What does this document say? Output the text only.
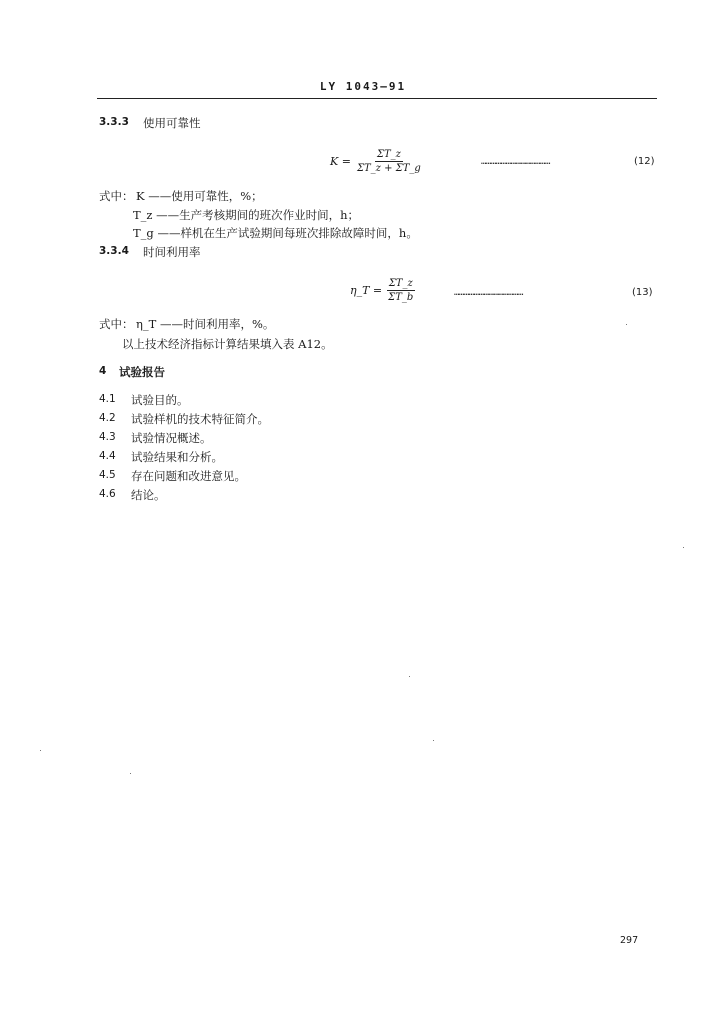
LY 1043—91
3.3.3 使用可靠性
$K = \frac{\Sigma T\_z}{\Sigma T\_z + \Sigma T\_g}$	……………………………………	(12)
式中： K ——使用可靠性，%；
T_z ——生产考核期间的班次作业时间，h；
T_g ——样机在生产试验期间每班次排除故障时间，h。
3.3.4 时间利用率
η_T = $\frac{\Sigma T\_z}{\Sigma T\_b}$	……………………………………	(13)
式中： η_T ——时间利用率，%。
以上技术经济指标计算结果填入表 A12。
4 试验报告
4.1 试验目的。
4.2 试验样机的技术特征简介。
4.3 试验情况概述。
4.4 试验结果和分析。
4.5 存在问题和改进意见。
4.6 结论。
297
